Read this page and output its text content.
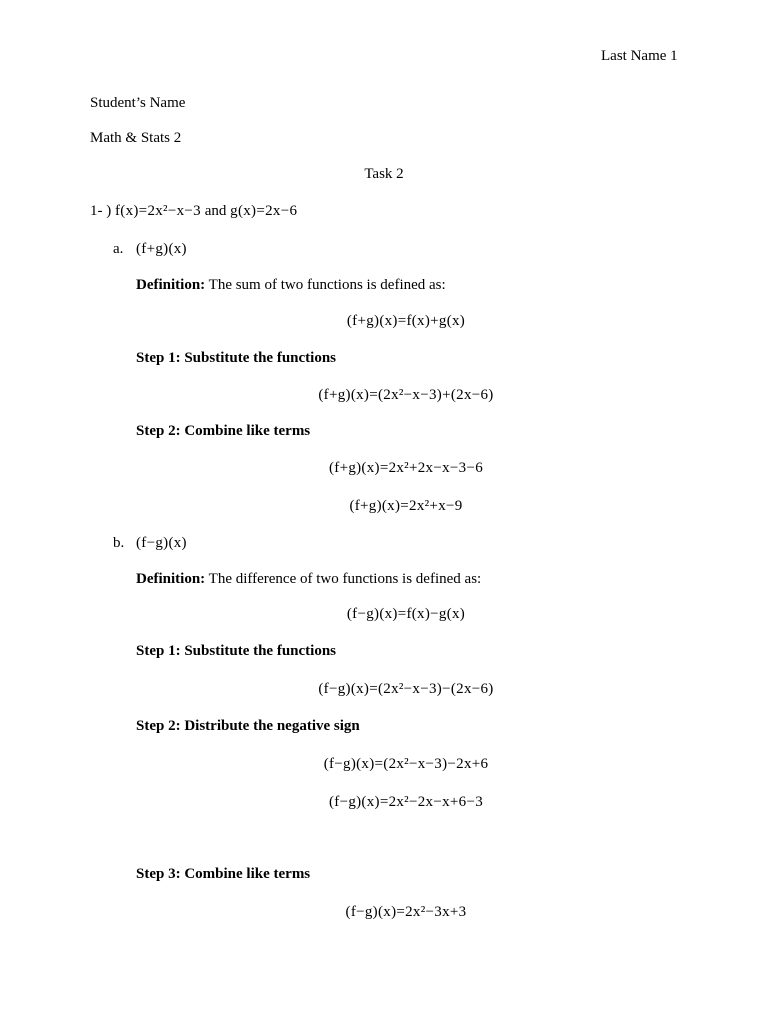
Last Name 1
Student’s Name
Math & Stats 2
Task 2
1- ) f(x)=2x²−x−3 and g(x)=2x−6
a. (f+g)(x)
Definition: The sum of two functions is defined as:
(f+g)(x)=f(x)+g(x)
Step 1: Substitute the functions
(f+g)(x)=(2x²−x−3)+(2x−6)
Step 2: Combine like terms
(f+g)(x)=2x²+2x−x−3−6
(f+g)(x)=2x²+x−9
b. (f−g)(x)
Definition: The difference of two functions is defined as:
(f−g)(x)=f(x)−g(x)
Step 1: Substitute the functions
(f−g)(x)=(2x²−x−3)−(2x−6)
Step 2: Distribute the negative sign
(f−g)(x)=(2x²−x−3)−2x+6
(f−g)(x)=2x²−2x−x+6−3
Step 3: Combine like terms
(f−g)(x)=2x²−3x+3
